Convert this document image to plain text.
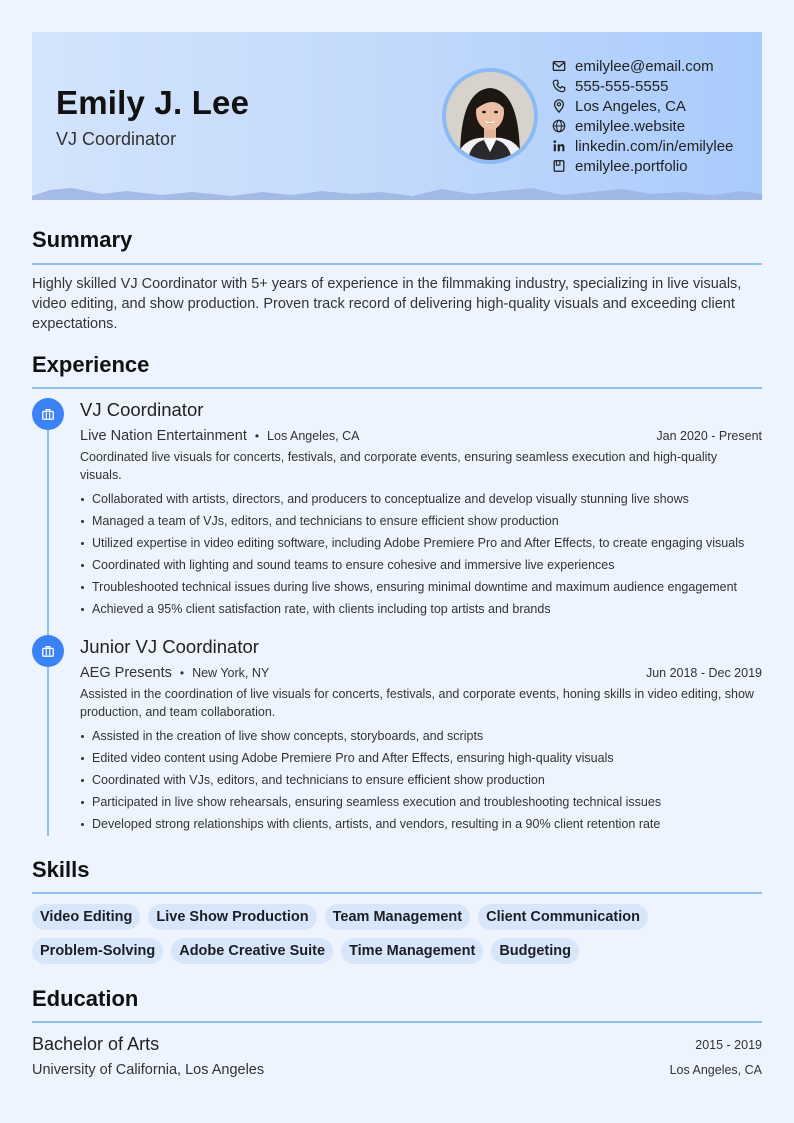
Emily J. Lee
VJ Coordinator
emilylee@email.com
555-555-5555
Los Angeles, CA
emilylee.website
linkedin.com/in/emilylee
emilylee.portfolio
Summary
Highly skilled VJ Coordinator with 5+ years of experience in the filmmaking industry, specializing in live visuals, video editing, and show production. Proven track record of delivering high-quality visuals and exceeding client expectations.
Experience
VJ Coordinator
Live Nation Entertainment • Los Angeles, CA	Jan 2020 - Present
Coordinated live visuals for concerts, festivals, and corporate events, ensuring seamless execution and high-quality visuals.
Collaborated with artists, directors, and producers to conceptualize and develop visually stunning live shows
Managed a team of VJs, editors, and technicians to ensure efficient show production
Utilized expertise in video editing software, including Adobe Premiere Pro and After Effects, to create engaging visuals
Coordinated with lighting and sound teams to ensure cohesive and immersive live experiences
Troubleshooted technical issues during live shows, ensuring minimal downtime and maximum audience engagement
Achieved a 95% client satisfaction rate, with clients including top artists and brands
Junior VJ Coordinator
AEG Presents • New York, NY	Jun 2018 - Dec 2019
Assisted in the coordination of live visuals for concerts, festivals, and corporate events, honing skills in video editing, show production, and team collaboration.
Assisted in the creation of live show concepts, storyboards, and scripts
Edited video content using Adobe Premiere Pro and After Effects, ensuring high-quality visuals
Coordinated with VJs, editors, and technicians to ensure efficient show production
Participated in live show rehearsals, ensuring seamless execution and troubleshooting technical issues
Developed strong relationships with clients, artists, and vendors, resulting in a 90% client retention rate
Skills
Video Editing	Live Show Production	Team Management	Client Communication
Problem-Solving	Adobe Creative Suite	Time Management	Budgeting
Education
Bachelor of Arts	2015 - 2019
University of California, Los Angeles	Los Angeles, CA
